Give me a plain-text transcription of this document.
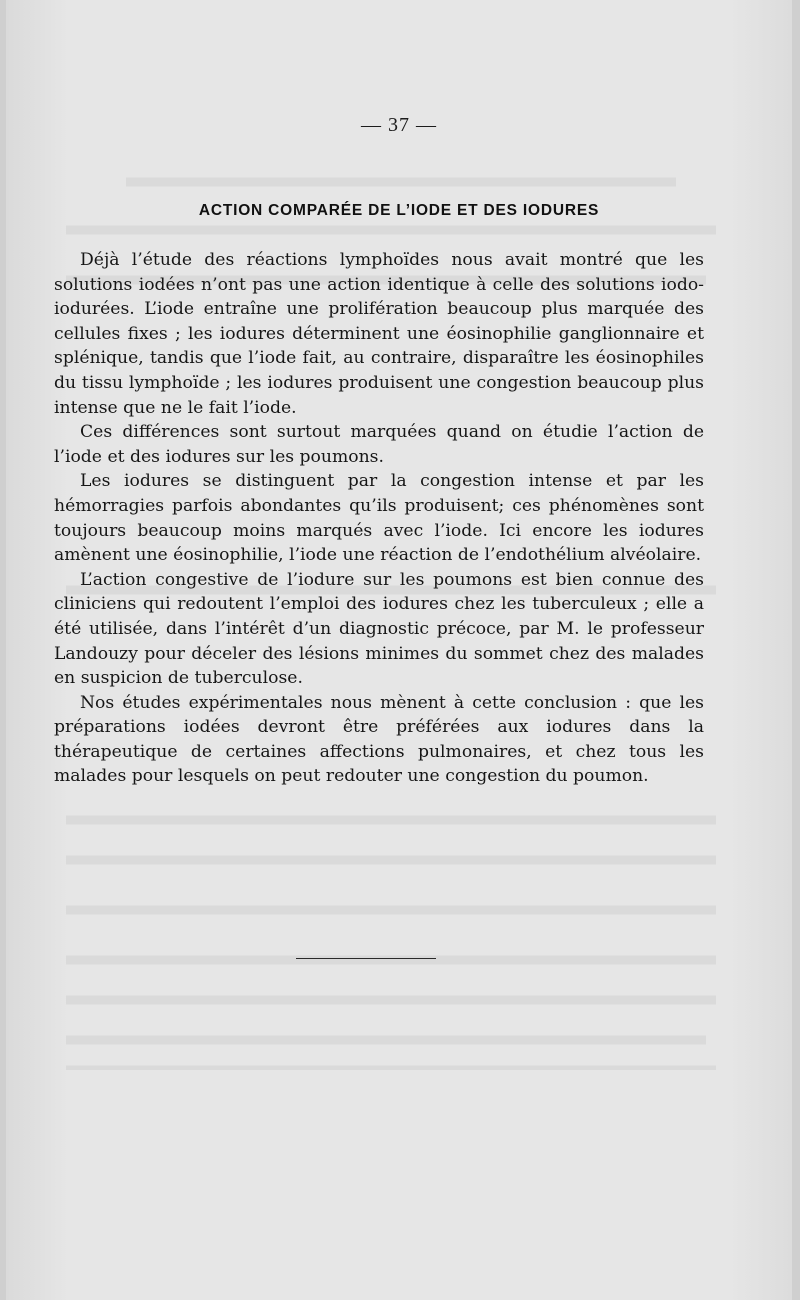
— 37 —
ACTION COMPARÉE DE L’IODE ET DES IODURES

Déjà l’étude des réactions lymphoïdes nous avait montré que les solutions iodées n’ont pas une action identique à celle des solutions iodo-iodurées. L’iode entraîne une prolifération beaucoup plus marquée des cellules fixes ; les iodures déterminent une éosinophilie ganglionnaire et splénique, tandis que l’iode fait, au contraire, disparaître les éosinophiles du tissu lymphoïde ; les iodures produisent une congestion beaucoup plus intense que ne le fait l’iode.

Ces différences sont surtout marquées quand on étudie l’action de l’iode et des iodures sur les poumons.

Les iodures se distinguent par la congestion intense et par les hémorragies parfois abondantes qu’ils produisent; ces phénomènes sont toujours beaucoup moins marqués avec l’iode. Ici encore les iodures amènent une éosinophilie, l’iode une réaction de l’endothélium alvéolaire.

L’action congestive de l’iodure sur les poumons est bien connue des cliniciens qui redoutent l’emploi des iodures chez les tuberculeux ; elle a été utilisée, dans l’intérêt d’un diagnostic précoce, par M. le professeur Landouzy pour déceler des lésions minimes du sommet chez des malades en suspicion de tuberculose.

Nos études expérimentales nous mènent à cette conclusion : que les préparations iodées devront être préférées aux iodures dans la thérapeutique de certaines affections pulmonaires, et chez tous les malades pour lesquels on peut redouter une congestion du poumon.
